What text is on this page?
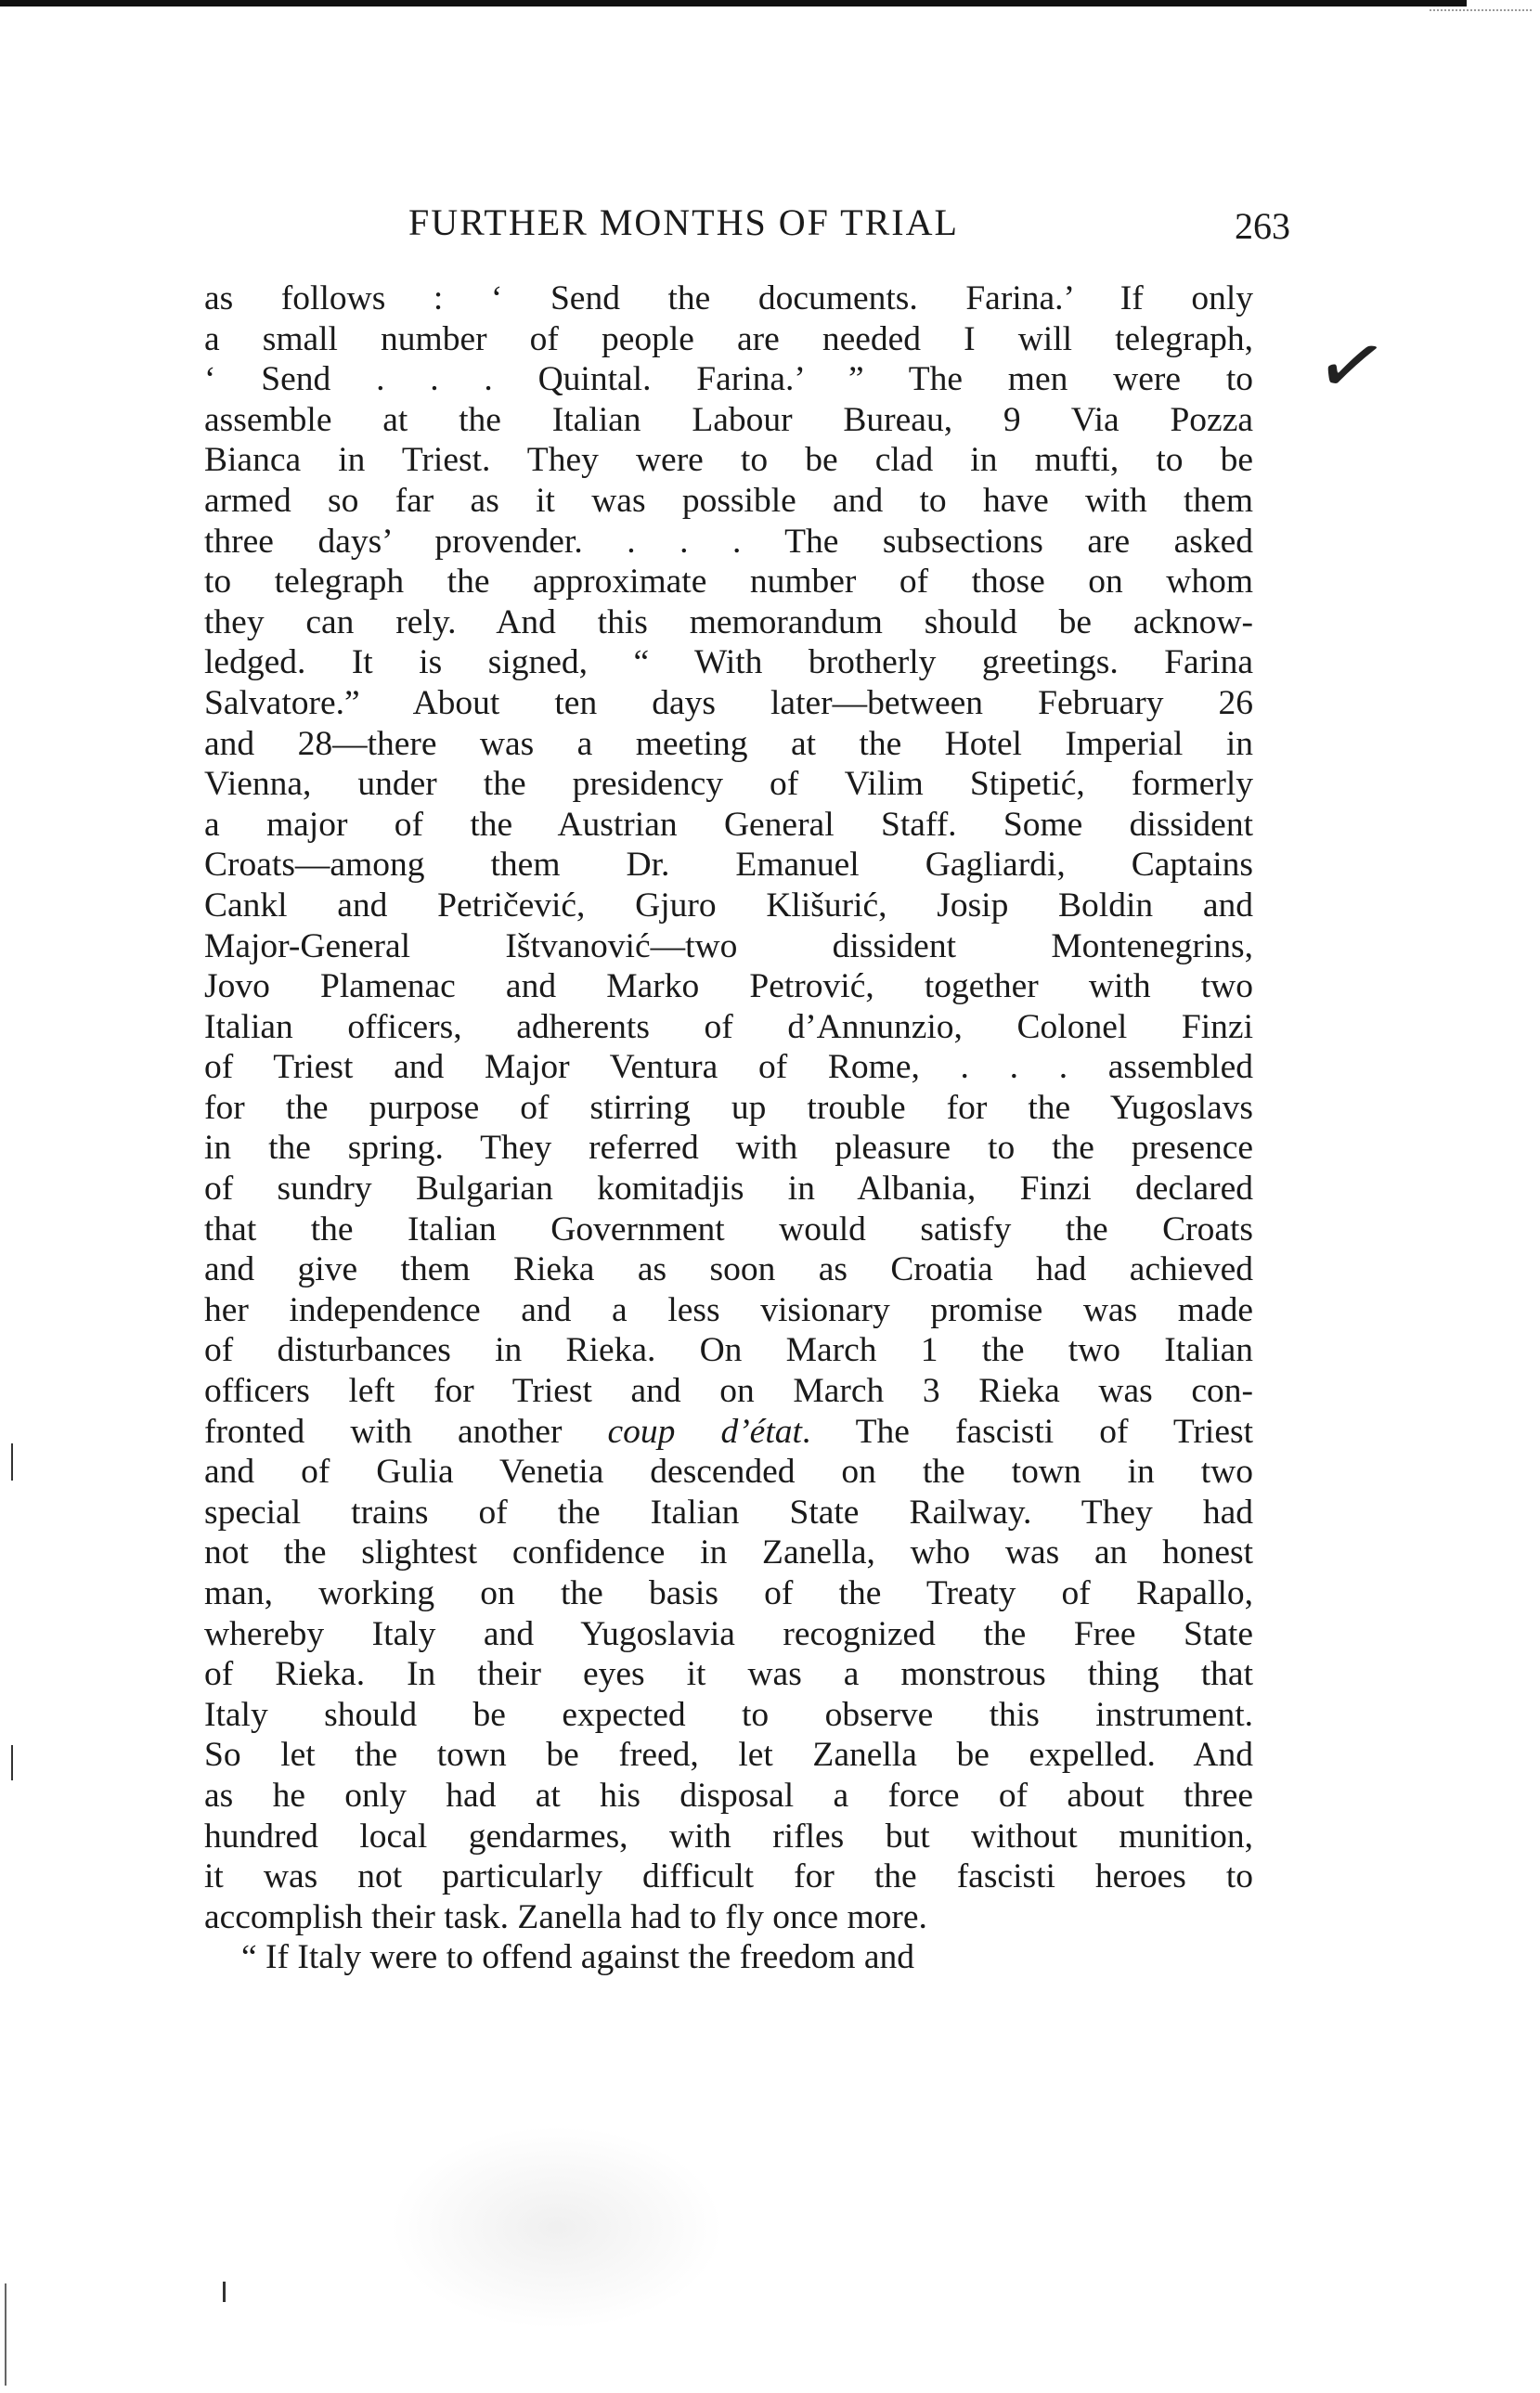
FURTHER MONTHS OF TRIAL	263
✓
as follows : ‘ Send the documents. Farina.’ If only
a small number of people are needed I will telegraph,
‘ Send . . . Quintal. Farina.’ ” The men were to
assemble at the Italian Labour Bureau, 9 Via Pozza
Bianca in Triest. They were to be clad in mufti, to be
armed so far as it was possible and to have with them
three days’ provender. . . . The subsections are asked
to telegraph the approximate number of those on whom
they can rely. And this memorandum should be acknow-
ledged. It is signed, “ With brotherly greetings. Farina
Salvatore.” About ten days later—between February 26
and 28—there was a meeting at the Hotel Imperial in
Vienna, under the presidency of Vilim Stipetić, formerly
a major of the Austrian General Staff. Some dissident
Croats—among them Dr. Emanuel Gagliardi, Captains
Cankl and Petričević, Gjuro Klišurić, Josip Boldin and
Major-General Ištvanović—two dissident Montenegrins,
Jovo Plamenac and Marko Petrović, together with two
Italian officers, adherents of d’Annunzio, Colonel Finzi
of Triest and Major Ventura of Rome, . . . assembled
for the purpose of stirring up trouble for the Yugoslavs
in the spring. They referred with pleasure to the presence
of sundry Bulgarian komitadjis in Albania, Finzi declared
that the Italian Government would satisfy the Croats
and give them Rieka as soon as Croatia had achieved
her independence and a less visionary promise was made
of disturbances in Rieka. On March 1 the two Italian
officers left for Triest and on March 3 Rieka was con-
fronted with another coup d’état. The fascisti of Triest
and of Gulia Venetia descended on the town in two
special trains of the Italian State Railway. They had
not the slightest confidence in Zanella, who was an honest
man, working on the basis of the Treaty of Rapallo,
whereby Italy and Yugoslavia recognized the Free State
of Rieka. In their eyes it was a monstrous thing that
Italy should be expected to observe this instrument.
So let the town be freed, let Zanella be expelled. And
as he only had at his disposal a force of about three
hundred local gendarmes, with rifles but without munition,
it was not particularly difficult for the fascisti heroes to
accomplish their task. Zanella had to fly once more.
“ If Italy were to offend against the freedom and
